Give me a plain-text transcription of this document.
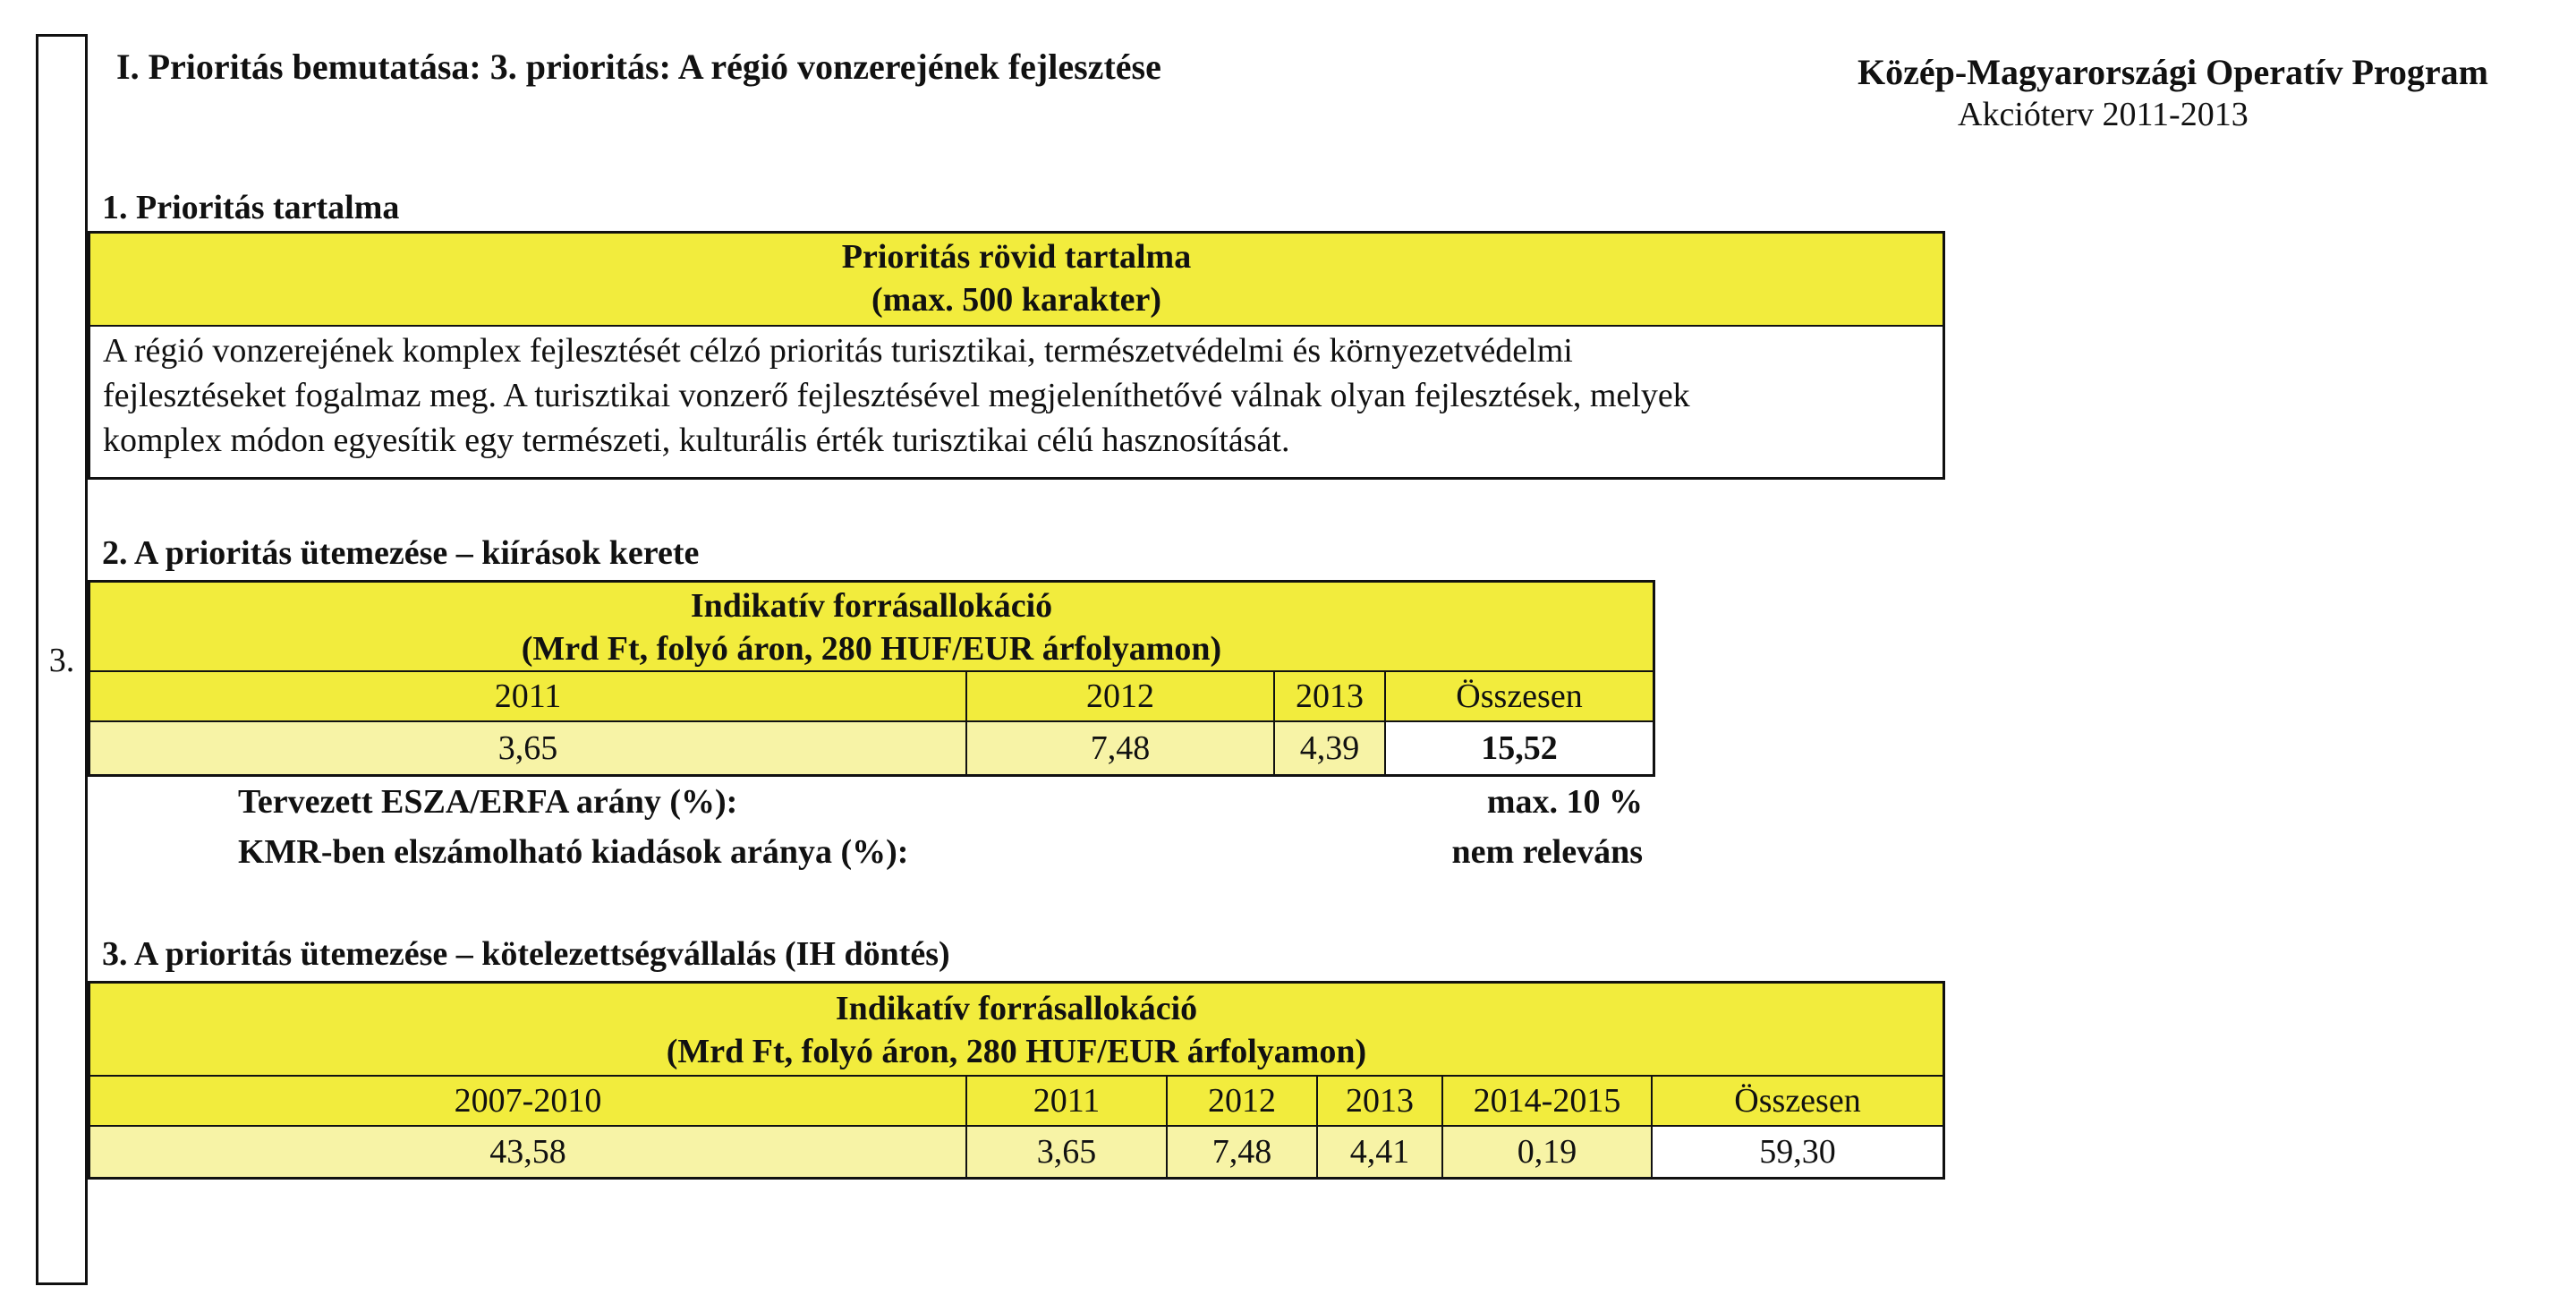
3.
I. Prioritás bemutatása: 3. prioritás: A régió vonzerejének fejlesztése	Közép-Magyarországi Operatív Program
Akcióterv 2011-2013
1. Prioritás tartalma
Prioritás rövid tartalma
(max. 500 karakter)
A régió vonzerejének komplex fejlesztését célzó prioritás turisztikai, természetvédelmi és környezetvédelmi
fejlesztéseket fogalmaz meg. A turisztikai vonzerő fejlesztésével megjeleníthetővé válnak olyan fejlesztések, melyek
komplex módon egyesítik egy természeti, kulturális érték turisztikai célú hasznosítását.
2. A prioritás ütemezése – kiírások kerete
Indikatív forrásallokáció
(Mrd Ft, folyó áron, 280 HUF/EUR árfolyamon)
2011	2012	2013	Összesen
3,65	7,48	4,39	15,52
Tervezett ESZA/ERFA arány (%):	max. 10 %
KMR-ben elszámolható kiadások aránya (%):	nem releváns
3. A prioritás ütemezése – kötelezettségvállalás (IH döntés)
Indikatív forrásallokáció
(Mrd Ft, folyó áron, 280 HUF/EUR árfolyamon)
2007-2010	2011	2012	2013	2014-2015	Összesen
43,58	3,65	7,48	4,41	0,19	59,30
